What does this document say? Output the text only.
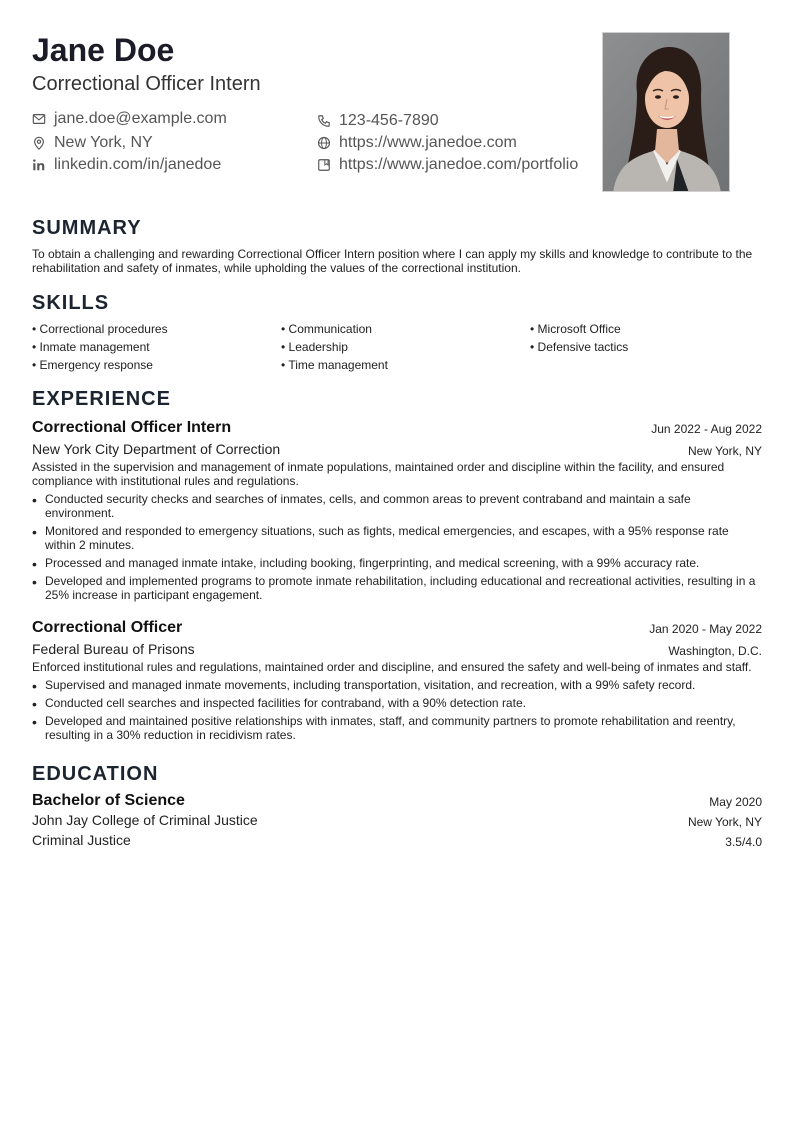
Jane Doe
Correctional Officer Intern
jane.doe@example.com	123-456-7890
New York, NY	https://www.janedoe.com
linkedin.com/in/janedoe	https://www.janedoe.com/portfolio
SUMMARY
To obtain a challenging and rewarding Correctional Officer Intern position where I can apply my skills and knowledge to contribute to the rehabilitation and safety of inmates, while upholding the values of the correctional institution.
SKILLS
• Correctional procedures	• Communication	• Microsoft Office
• Inmate management	• Leadership	• Defensive tactics
• Emergency response	• Time management
EXPERIENCE
Correctional Officer Intern	Jun 2022 - Aug 2022
New York City Department of Correction	New York, NY
Assisted in the supervision and management of inmate populations, maintained order and discipline within the facility, and ensured compliance with institutional rules and regulations.
• Conducted security checks and searches of inmates, cells, and common areas to prevent contraband and maintain a safe environment.
• Monitored and responded to emergency situations, such as fights, medical emergencies, and escapes, with a 95% response rate within 2 minutes.
• Processed and managed inmate intake, including booking, fingerprinting, and medical screening, with a 99% accuracy rate.
• Developed and implemented programs to promote inmate rehabilitation, including educational and recreational activities, resulting in a 25% increase in participant engagement.
Correctional Officer	Jan 2020 - May 2022
Federal Bureau of Prisons	Washington, D.C.
Enforced institutional rules and regulations, maintained order and discipline, and ensured the safety and well-being of inmates and staff.
• Supervised and managed inmate movements, including transportation, visitation, and recreation, with a 99% safety record.
• Conducted cell searches and inspected facilities for contraband, with a 90% detection rate.
• Developed and maintained positive relationships with inmates, staff, and community partners to promote rehabilitation and reentry, resulting in a 30% reduction in recidivism rates.
EDUCATION
Bachelor of Science	May 2020
John Jay College of Criminal Justice	New York, NY
Criminal Justice	3.5/4.0
